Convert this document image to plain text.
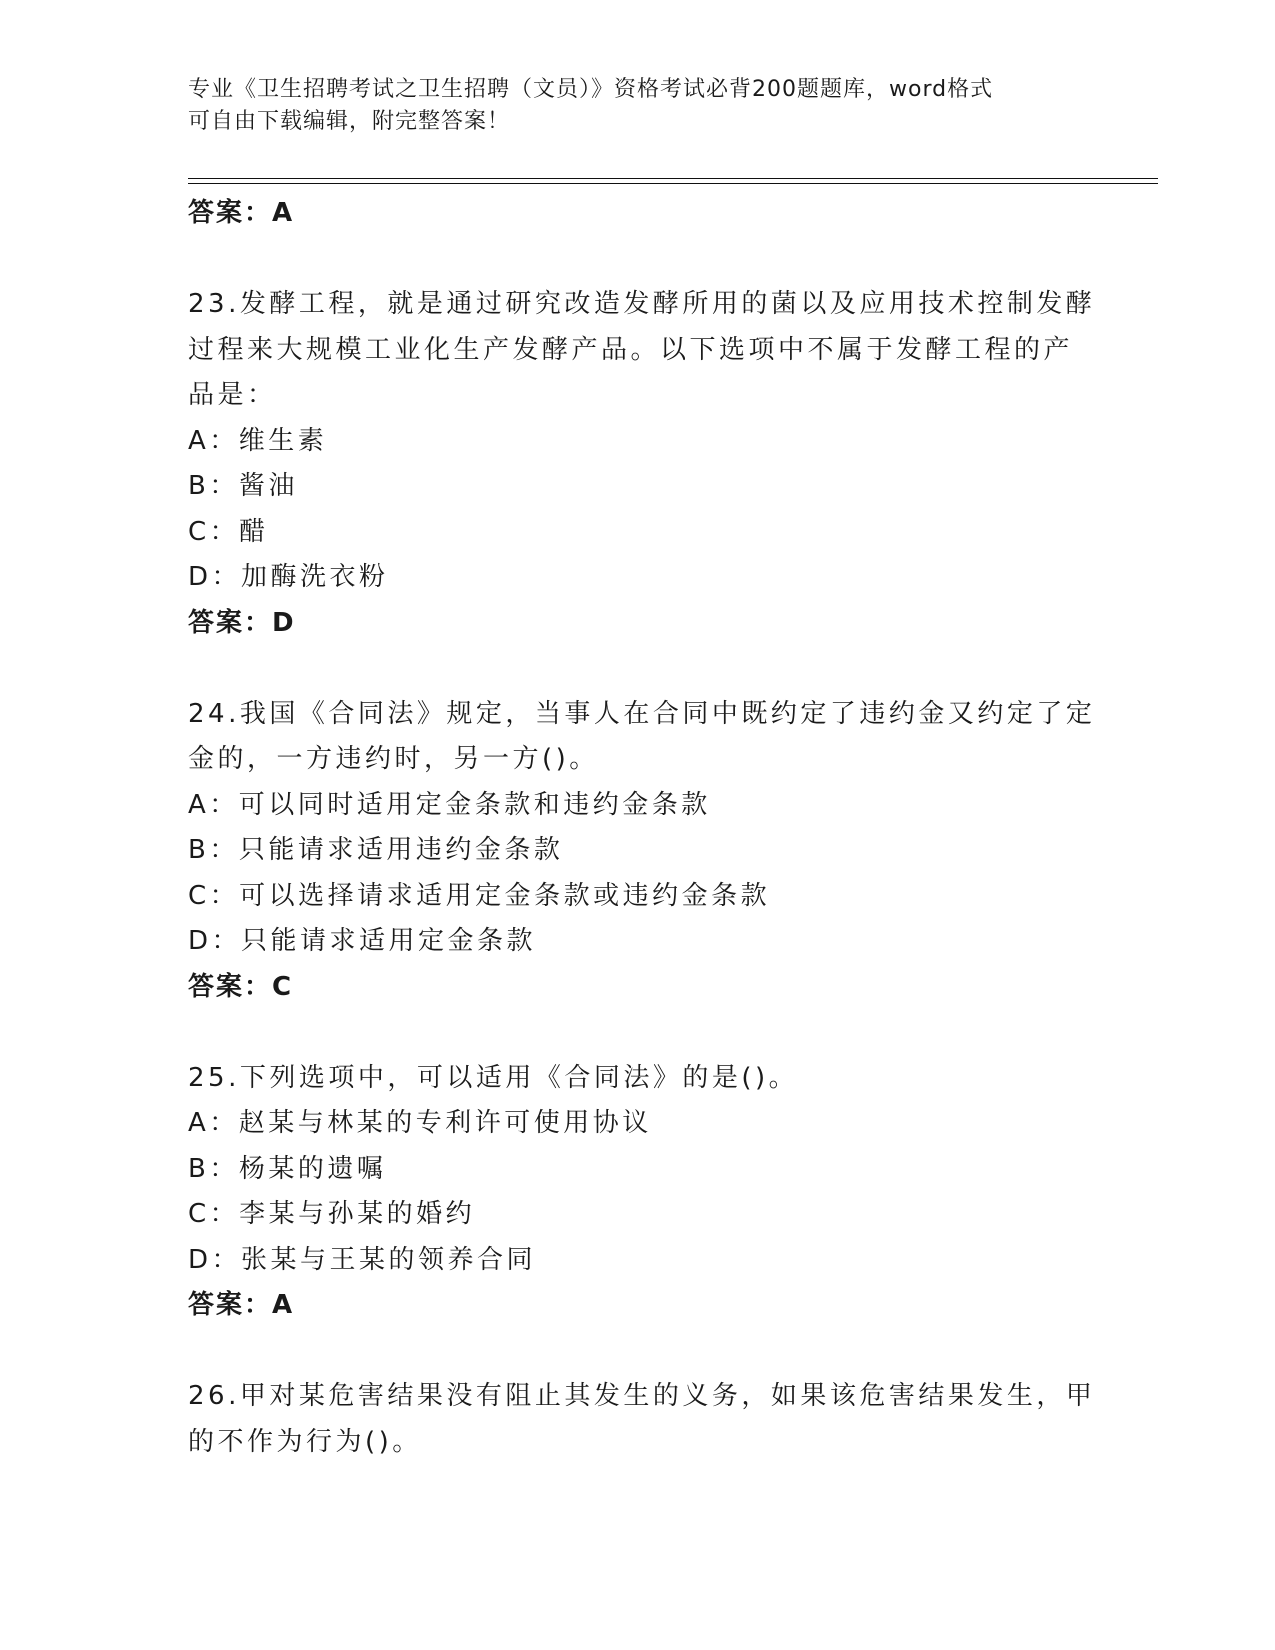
专业《卫生招聘考试之卫生招聘（文员）》资格考试必背200题题库，word格式
可自由下载编辑，附完整答案！
答案：A
23.发酵工程，就是通过研究改造发酵所用的菌以及应用技术控制发酵
过程来大规模工业化生产发酵产品。以下选项中不属于发酵工程的产
品是：
A：维生素
B：酱油
C：醋
D：加酶洗衣粉
答案：D
24.我国《合同法》规定，当事人在合同中既约定了违约金又约定了定
金的，一方违约时，另一方()。
A：可以同时适用定金条款和违约金条款
B：只能请求适用违约金条款
C：可以选择请求适用定金条款或违约金条款
D：只能请求适用定金条款
答案：C
25.下列选项中，可以适用《合同法》的是()。
A：赵某与林某的专利许可使用协议
B：杨某的遗嘱
C：李某与孙某的婚约
D：张某与王某的领养合同
答案：A
26.甲对某危害结果没有阻止其发生的义务，如果该危害结果发生，甲
的不作为行为()。
